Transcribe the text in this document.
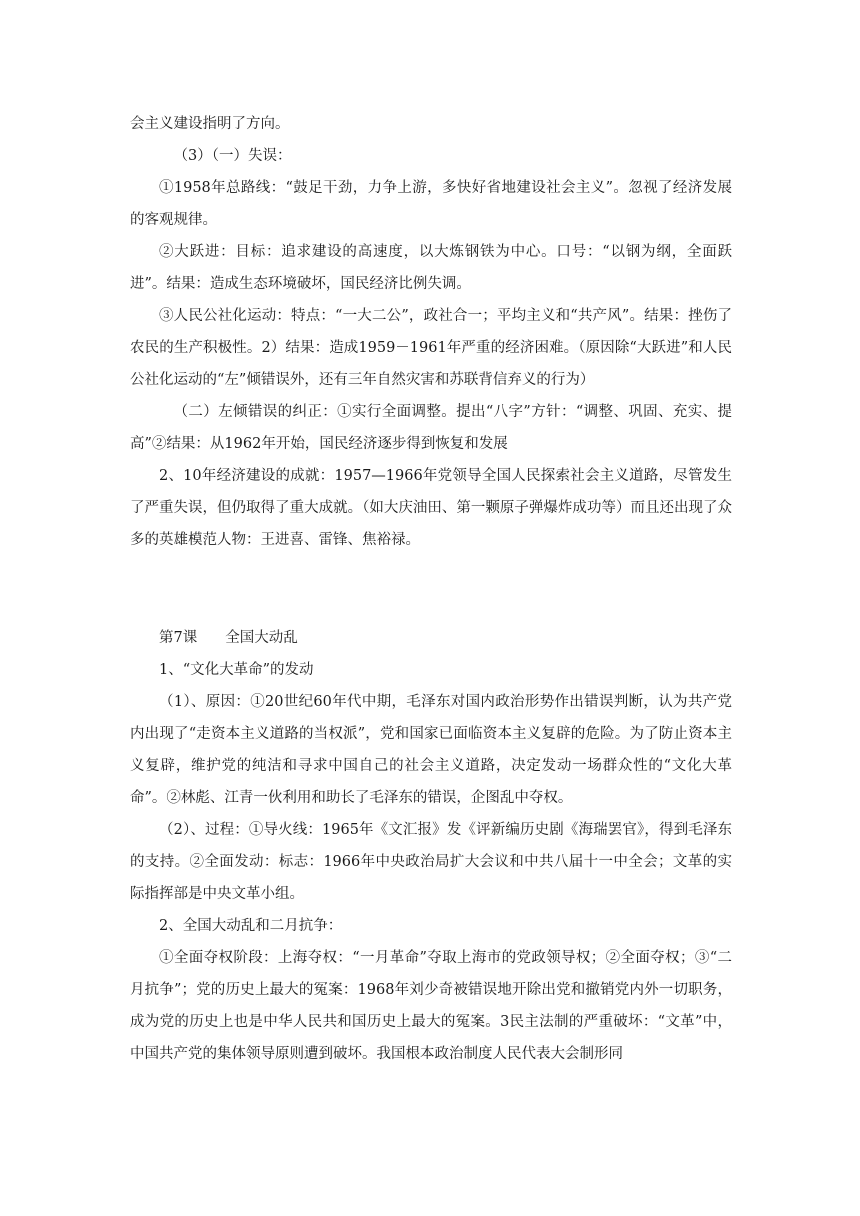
会主义建设指明了方向。

（3）（一）失误：

①1958年总路线：“鼓足干劲，力争上游，多快好省地建设社会主义”。忽视了经济发展的客观规律。

②大跃进：目标：追求建设的高速度，以大炼钢铁为中心。口号：“以钢为纲，全面跃进”。结果：造成生态环境破坏，国民经济比例失调。

③人民公社化运动：特点：“一大二公”，政社合一；平均主义和“共产风”。结果：挫伤了农民的生产积极性。2）结果：造成1959－1961年严重的经济困难。（原因除“大跃进”和人民公社化运动的“左”倾错误外，还有三年自然灾害和苏联背信弃义的行为）

（二）左倾错误的纠正：①实行全面调整。提出“八字”方针：“调整、巩固、充实、提高”②结果：从1962年开始，国民经济逐步得到恢复和发展

2、10年经济建设的成就：1957—1966年党领导全国人民探索社会主义道路，尽管发生了严重失误，但仍取得了重大成就。（如大庆油田、第一颗原子弹爆炸成功等）而且还出现了众多的英雄模范人物：王进喜、雷锋、焦裕禄。

第7课 全国大动乱

1、“文化大革命”的发动

（1）、原因：①20世纪60年代中期，毛泽东对国内政治形势作出错误判断，认为共产党内出现了“走资本主义道路的当权派”，党和国家已面临资本主义复辟的危险。为了防止资本主义复辟，维护党的纯洁和寻求中国自己的社会主义道路，决定发动一场群众性的“文化大革命”。②林彪、江青一伙利用和助长了毛泽东的错误，企图乱中夺权。

（2）、过程：①导火线：1965年《文汇报》发《评新编历史剧《海瑞罢官》，得到毛泽东的支持。②全面发动：标志：1966年中央政治局扩大会议和中共八届十一中全会；文革的实际指挥部是中央文革小组。

2、全国大动乱和二月抗争：

①全面夺权阶段：上海夺权：“一月革命”夺取上海市的党政领导权；②全面夺权；③“二月抗争”；党的历史上最大的冤案：1968年刘少奇被错误地开除出党和撤销党内外一切职务，成为党的历史上也是中华人民共和国历史上最大的冤案。3民主法制的严重破坏：“文革”中，中国共产党的集体领导原则遭到破坏。我国根本政治制度人民代表大会制形同
